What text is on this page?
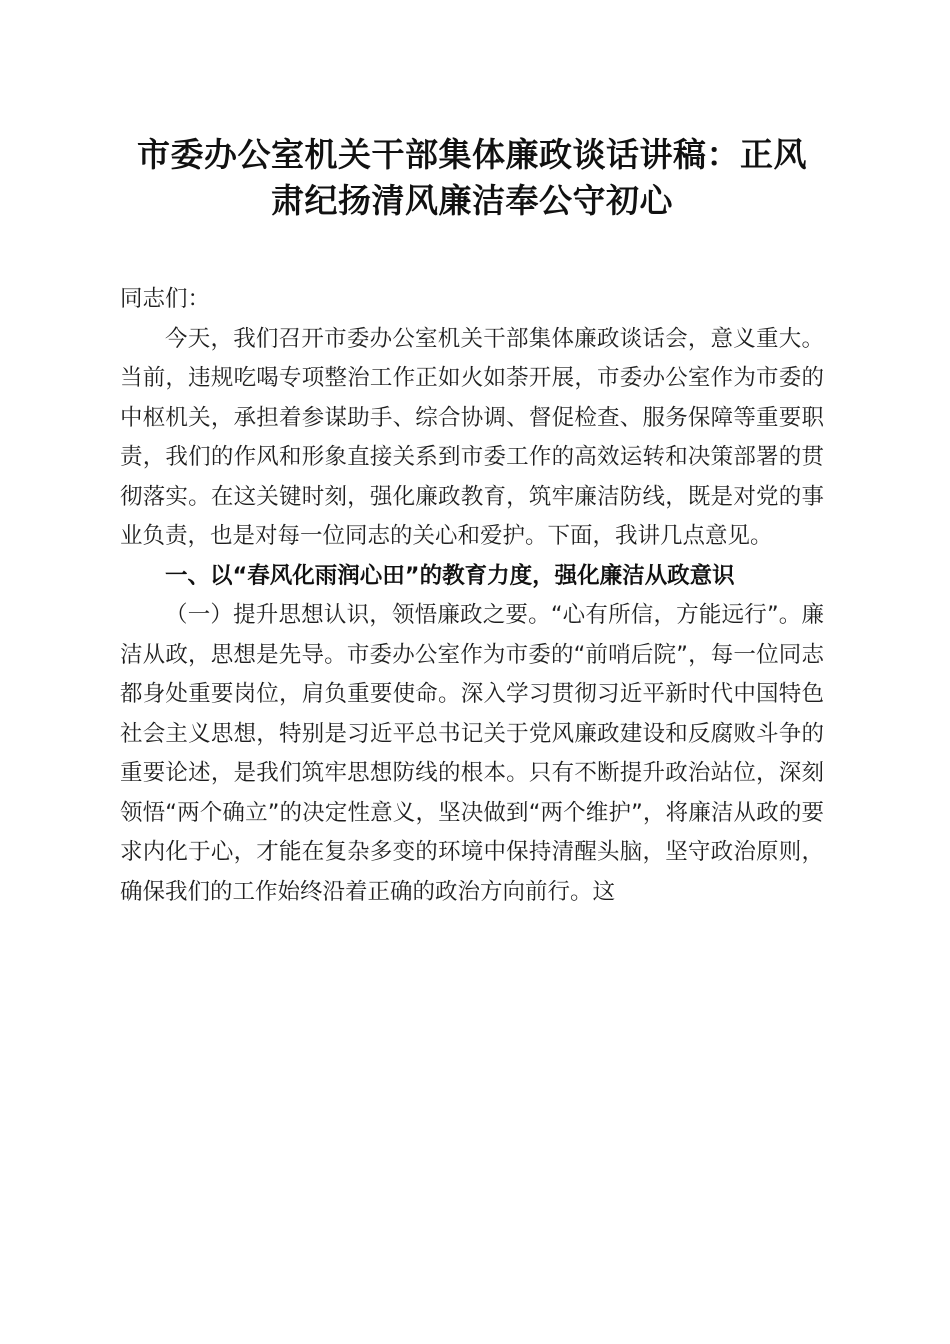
市委办公室机关干部集体廉政谈话讲稿：正风
肃纪扬清风廉洁奉公守初心

同志们：

今天，我们召开市委办公室机关干部集体廉政谈话会，意义重大。当前，违规吃喝专项整治工作正如火如荼开展，市委办公室作为市委的中枢机关，承担着参谋助手、综合协调、督促检查、服务保障等重要职责，我们的作风和形象直接关系到市委工作的高效运转和决策部署的贯彻落实。在这关键时刻，强化廉政教育，筑牢廉洁防线，既是对党的事业负责，也是对每一位同志的关心和爱护。下面，我讲几点意见。

一、以“春风化雨润心田”的教育力度，强化廉洁从政意识

（一）提升思想认识，领悟廉政之要。“心有所信，方能远行”。廉洁从政，思想是先导。市委办公室作为市委的“前哨后院”，每一位同志都身处重要岗位，肩负重要使命。深入学习贯彻习近平新时代中国特色社会主义思想，特别是习近平总书记关于党风廉政建设和反腐败斗争的重要论述，是我们筑牢思想防线的根本。只有不断提升政治站位，深刻领悟“两个确立”的决定性意义，坚决做到“两个维护”，将廉洁从政的要求内化于心，才能在复杂多变的环境中保持清醒头脑，坚守政治原则，确保我们的工作始终沿着正确的政治方向前行。这
